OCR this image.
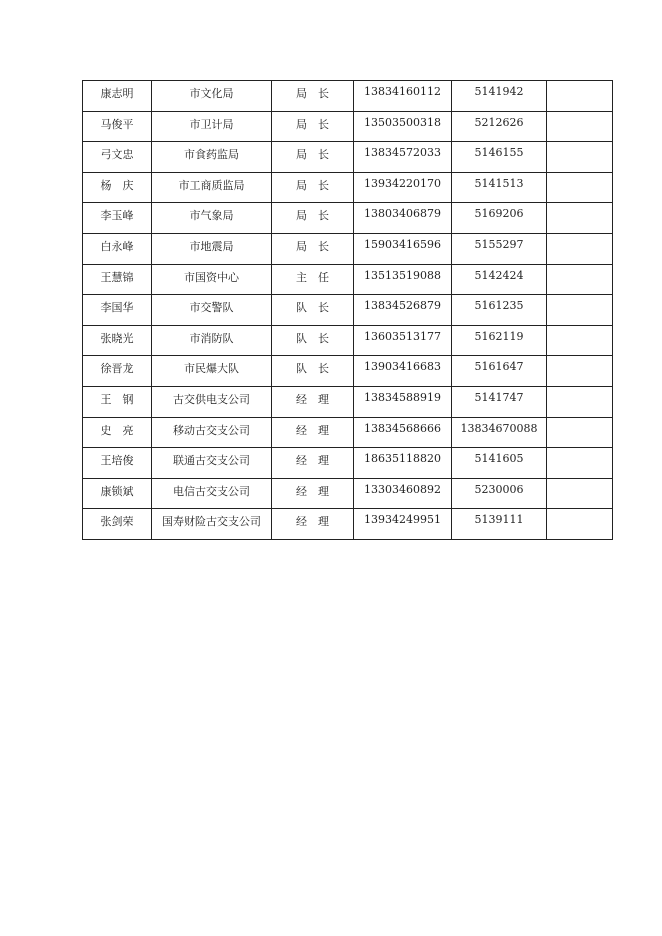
康志明	市文化局	局　长	13834160112	5141942	
马俊平	市卫计局	局　长	13503500318	5212626	
弓文忠	市食药监局	局　长	13834572033	5146155	
杨　庆	市工商质监局	局　长	13934220170	5141513	
李玉峰	市气象局	局　长	13803406879	5169206	
白永峰	市地震局	局　长	15903416596	5155297	
王慧锦	市国资中心	主　任	13513519088	5142424	
李国华	市交警队	队　长	13834526879	5161235	
张晓光	市消防队	队　长	13603513177	5162119	
徐晋龙	市民爆大队	队　长	13903416683	5161647	
王　钢	古交供电支公司	经　理	13834588919	5141747	
史　亮	移动古交支公司	经　理	13834568666	13834670088	
王培俊	联通古交支公司	经　理	18635118820	5141605	
康锁斌	电信古交支公司	经　理	13303460892	5230006	
张剑荣	国寿财险古交支公司	经　理	13934249951	5139111	
